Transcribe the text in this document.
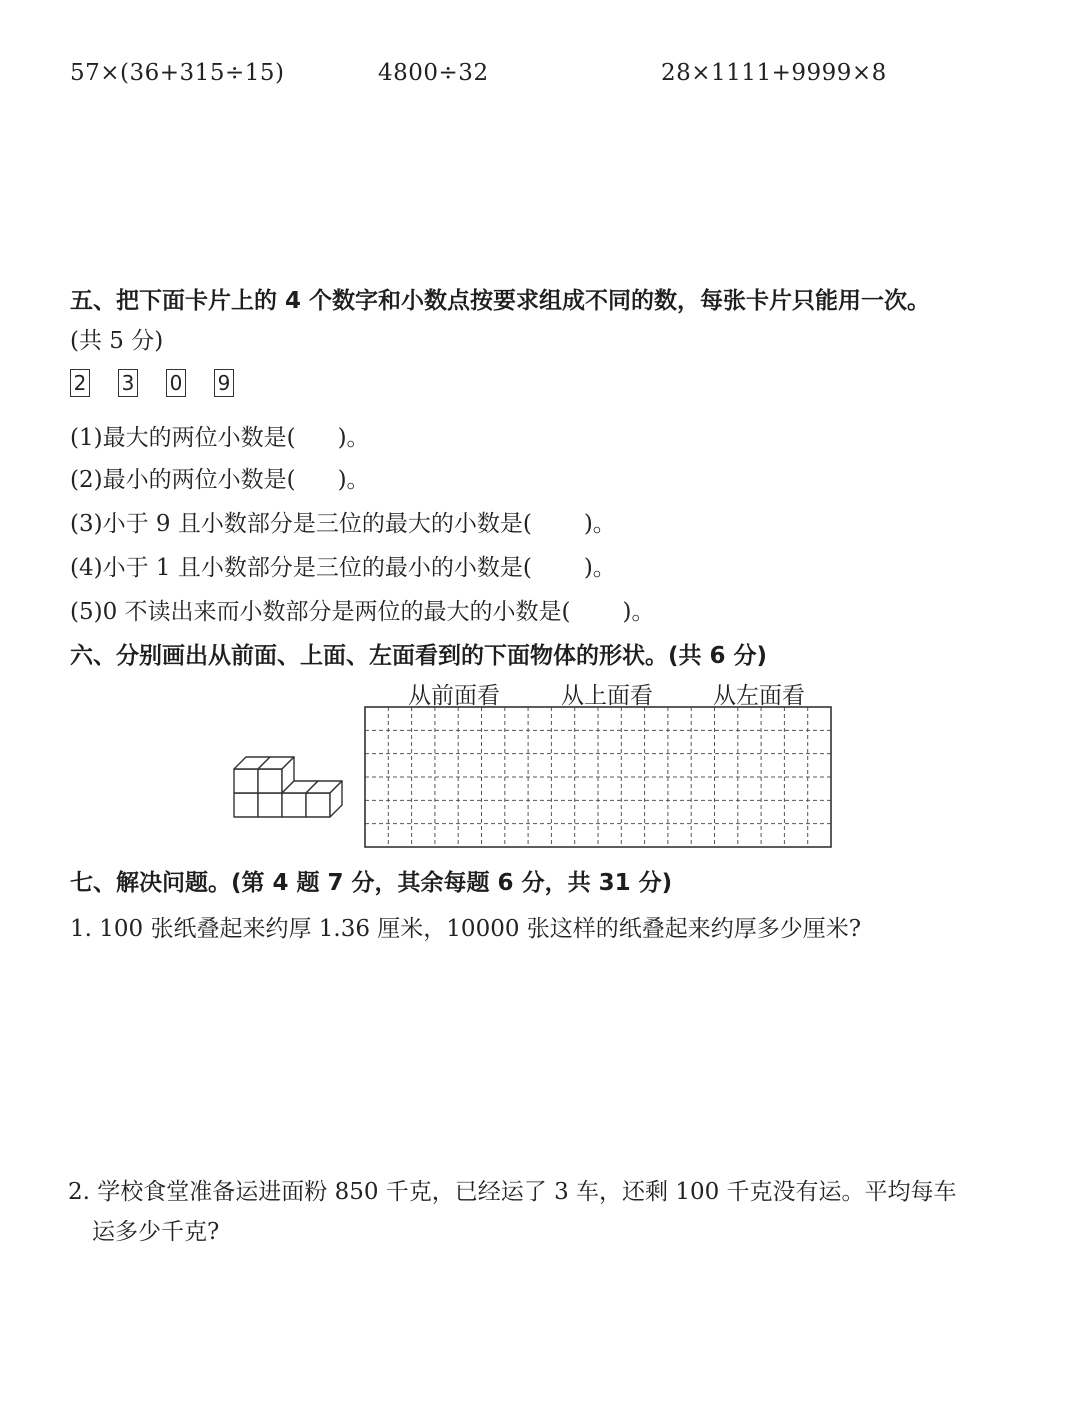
57×(36+315÷15)	4800÷32	28×1111+9999×8
五、把下面卡片上的 4 个数字和小数点按要求组成不同的数，每张卡片只能用一次。
(共 5 分)
2 3 0 9
(1)最大的两位小数是( )。
(2)最小的两位小数是( )。
(3)小于 9 且小数部分是三位的最大的小数是( )。
(4)小于 1 且小数部分是三位的最小的小数是( )。
(5)0 不读出来而小数部分是两位的最大的小数是( )。
六、分别画出从前面、上面、左面看到的下面物体的形状。(共 6 分)
从前面看	从上面看	从左面看
七、解决问题。(第 4 题 7 分，其余每题 6 分，共 31 分)
1. 100 张纸叠起来约厚 1.36 厘米，10000 张这样的纸叠起来约厚多少厘米?
2. 学校食堂准备运进面粉 850 千克，已经运了 3 车，还剩 100 千克没有运。平均每车
运多少千克?
